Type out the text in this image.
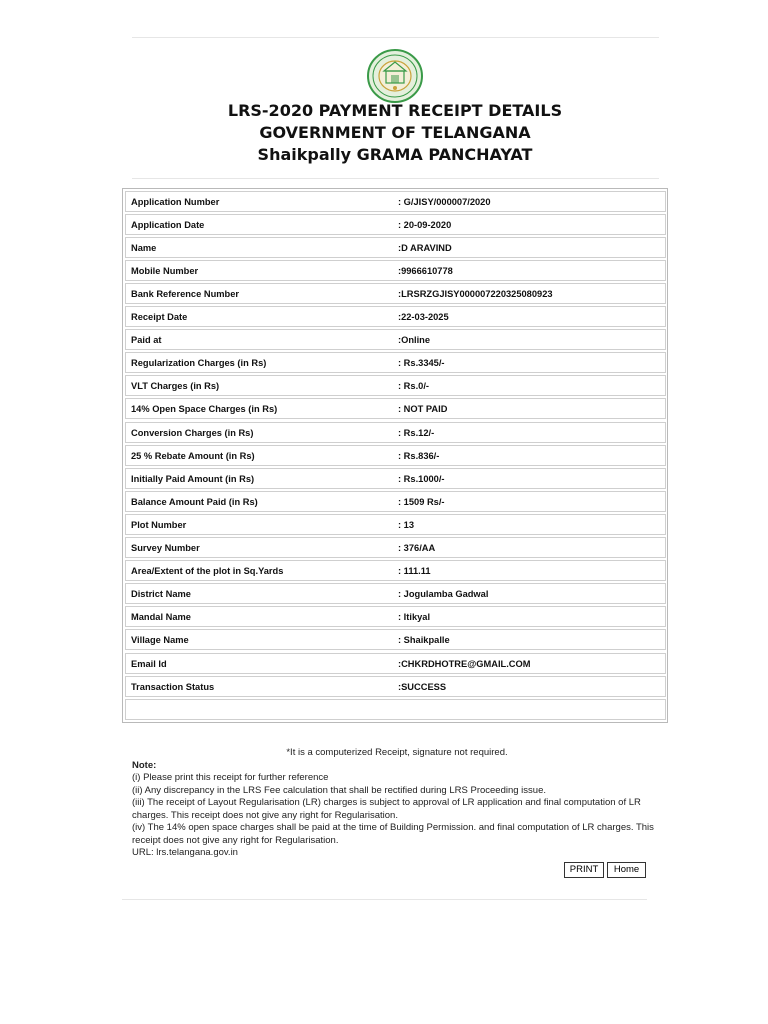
LRS-2020 PAYMENT RECEIPT DETAILS
GOVERNMENT OF TELANGANA
Shaikpally GRAMA PANCHAYAT
Application Number	: G/JISY/000007/2020
Application Date	: 20-09-2020
Name	:D ARAVIND
Mobile Number	:9966610778
Bank Reference Number	:LRSRZGJISY000007220325080923
Receipt Date	:22-03-2025
Paid at	:Online
Regularization Charges (in Rs)	: Rs.3345/-
VLT Charges (in Rs)	: Rs.0/-
14% Open Space Charges (in Rs)	: NOT PAID
Conversion Charges (in Rs)	: Rs.12/-
25 % Rebate Amount (in Rs)	: Rs.836/-
Initially Paid Amount (in Rs)	: Rs.1000/-
Balance Amount Paid (in Rs)	: 1509 Rs/-
Plot Number	: 13
Survey Number	: 376/AA
Area/Extent of the plot in Sq.Yards	: 111.11
District Name	: Jogulamba Gadwal
Mandal Name	: Itikyal
Village Name	: Shaikpalle
Email Id	:CHKRDHOTRE@GMAIL.COM
Transaction Status	:SUCCESS
*It is a computerized Receipt, signature not required.
Note:
(i) Please print this receipt for further reference
(ii) Any discrepancy in the LRS Fee calculation that shall be rectified during LRS Proceeding issue.
(iii) The receipt of Layout Regularisation (LR) charges is subject to approval of LR application and final computation of LR charges. This receipt does not give any right for Regularisation.
(iv) The 14% open space charges shall be paid at the time of Building Permission. and final computation of LR charges. This receipt does not give any right for Regularisation.
URL: lrs.telangana.gov.in
PRINT	Home
